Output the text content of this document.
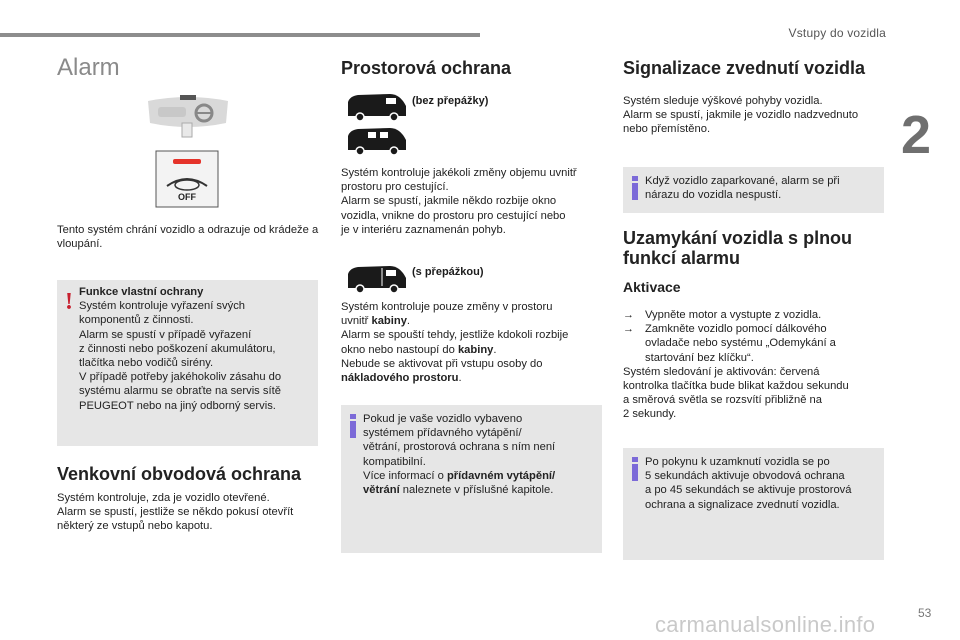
Vstupy do vozidla
2
Alarm
OFF
Tento systém chrání vozidlo a odrazuje od krádeže a vloupání.
! Funkce vlastní ochrany
Systém kontroluje vyřazení svých
komponentů z činnosti.
Alarm se spustí v případě vyřazení
z činnosti nebo poškození akumulátoru,
tlačítka nebo vodičů sirény.
V případě potřeby jakéhokoliv zásahu do
systému alarmu se obraťte na servis sítě
PEUGEOT nebo na jiný odborný servis.
Venkovní obvodová ochrana
Systém kontroluje, zda je vozidlo otevřené.
Alarm se spustí, jestliže se někdo pokusí otevřít
některý ze vstupů nebo kapotu.
Prostorová ochrana
(bez přepážky)
Systém kontroluje jakékoli změny objemu uvnitř
prostoru pro cestující.
Alarm se spustí, jakmile někdo rozbije okno
vozidla, vnikne do prostoru pro cestující nebo
je v interiéru zaznamenán pohyb.
(s přepážkou)
Systém kontroluje pouze změny v prostoru
uvnitř kabiny.
Alarm se spouští tehdy, jestliže kdokoli rozbije
okno nebo nastoupí do kabiny.
Nebude se aktivovat při vstupu osoby do
nákladového prostoru.
Pokud je vaše vozidlo vybaveno
systémem přídavného vytápění/
větrání, prostorová ochrana s ním není
kompatibilní.
Více informací o přídavném vytápění/
větrání naleznete v příslušné kapitole.
Signalizace zvednutí vozidla
Systém sleduje výškové pohyby vozidla.
Alarm se spustí, jakmile je vozidlo nadzvednuto
nebo přemístěno.
Když vozidlo zaparkované, alarm se při
nárazu do vozidla nespustí.
Uzamykání vozidla s plnou
funkcí alarmu
Aktivace
→ Vypněte motor a vystupte z vozidla.
→ Zamkněte vozidlo pomocí dálkového
ovladače nebo systému „Odemykání a
startování bez klíčku“.
Systém sledování je aktivován: červená
kontrolka tlačítka bude blikat každou sekundu
a směrová světla se rozsvítí přibližně na
2 sekundy.
Po pokynu k uzamknutí vozidla se po
5 sekundách aktivuje obvodová ochrana
a po 45 sekundách se aktivuje prostorová
ochrana a signalizace zvednutí vozidla.
carmanualsonline.info	53
